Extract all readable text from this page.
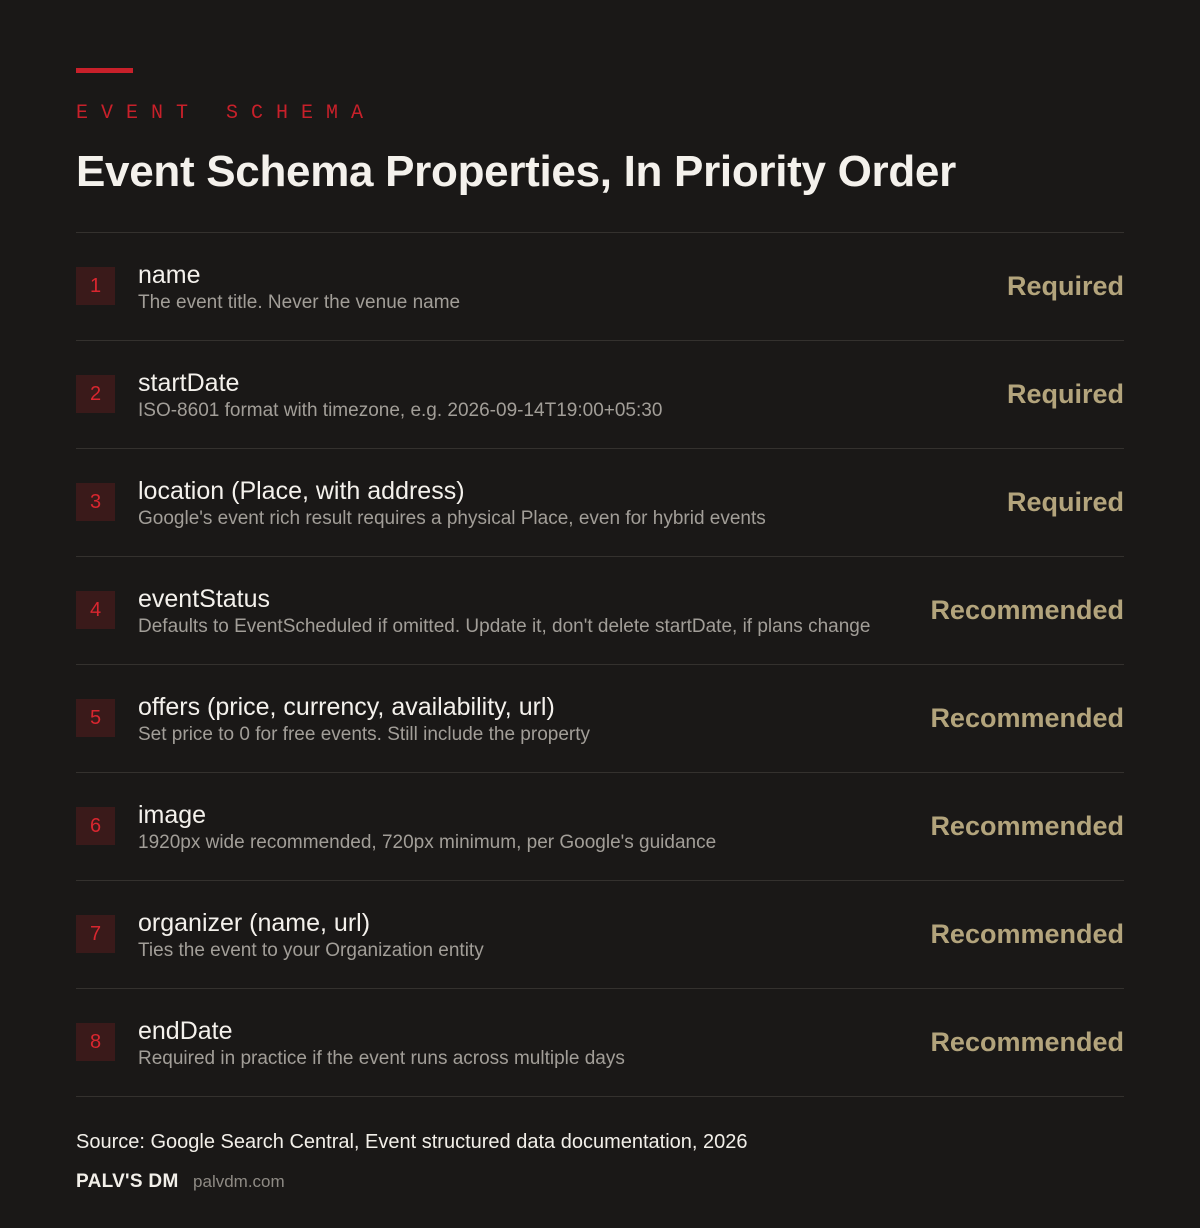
EVENT SCHEMA
Event Schema Properties, In Priority Order
1	name
The event title. Never the venue name
Required
2	startDate
ISO-8601 format with timezone, e.g. 2026-09-14T19:00+05:30
Required
3	location (Place, with address)
Google's event rich result requires a physical Place, even for hybrid events
Required
4	eventStatus
Defaults to EventScheduled if omitted. Update it, don't delete startDate, if plans change
Recommended
5	offers (price, currency, availability, url)
Set price to 0 for free events. Still include the property
Recommended
6	image
1920px wide recommended, 720px minimum, per Google's guidance
Recommended
7	organizer (name, url)
Ties the event to your Organization entity
Recommended
8	endDate
Required in practice if the event runs across multiple days
Recommended
Source: Google Search Central, Event structured data documentation, 2026
PALV'S DM palvdm.com
